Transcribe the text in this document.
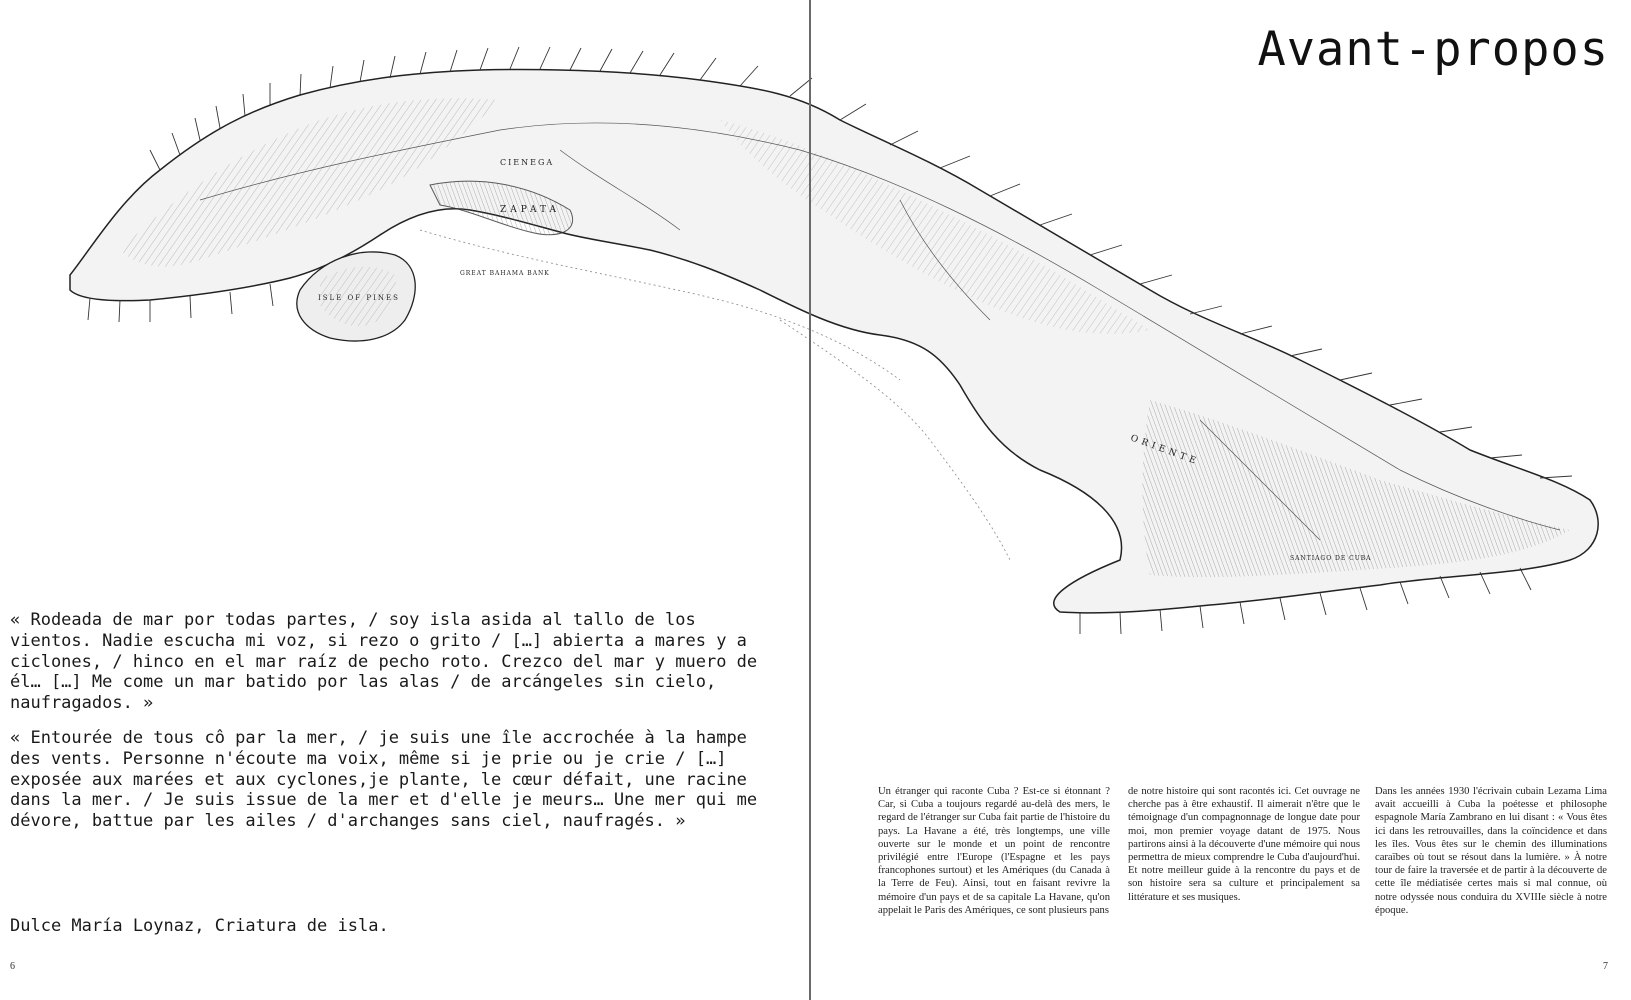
CIENEGA
ZAPATA
GREAT BAHAMA BANK
ISLE OF PINES
ORIENTE
SANTIAGO DE CUBA

« Rodeada de mar por todas partes, / soy isla asida al tallo de los vientos. Nadie escucha mi voz, si rezo o grito / […] abierta a mares y a ciclones, / hinco en el mar raíz de pecho roto. Crezco del mar y muero de él… […] Me come un mar batido por las alas / de arcángeles sin cielo, naufragados. »

« Entourée de tous cô par la mer, / je suis une île accrochée à la hampe des vents. Personne n'écoute ma voix, même si je prie ou je crie / […] exposée aux marées et aux cyclones,je plante, le cœur défait, une racine dans la mer. / Je suis issue de la mer et d'elle je meurs… Une mer qui me dévore, battue par les ailes / d'archanges sans ciel, naufragés. »

Dulce María Loynaz, Criatura de isla.

6
Avant-propos

Un étranger qui raconte Cuba ? Est-ce si étonnant ? Car, si Cuba a toujours regardé au-delà des mers, le regard de l'étranger sur Cuba fait partie de l'histoire du pays. La Havane a été, très longtemps, une ville ouverte sur le monde et un point de rencontre privilégié entre l'Europe (l'Espagne et les pays francophones surtout) et les Amériques (du Canada à la Terre de Feu). Ainsi, tout en faisant revivre la mémoire d'un pays et de sa capitale La Havane, qu'on appelait le Paris des Amériques, ce sont plusieurs pans

de notre histoire qui sont racontés ici. Cet ouvrage ne cherche pas à être exhaustif. Il aimerait n'être que le témoignage d'un compagnonnage de longue date pour moi, mon premier voyage datant de 1975. Nous partirons ainsi à la découverte d'une mémoire qui nous permettra de mieux comprendre le Cuba d'aujourd'hui. Et notre meilleur guide à la rencontre du pays et de son histoire sera sa culture et principalement sa littérature et ses musiques.

Dans les années 1930 l'écrivain cubain Lezama Lima avait accueilli à Cuba la poétesse et philosophe espagnole María Zambrano en lui disant : « Vous êtes ici dans les retrouvailles, dans la coïncidence et dans les îles. Vous êtes sur le chemin des illuminations caraïbes où tout se résout dans la lumière. » À notre tour de faire la traversée et de partir à la découverte de cette île médiatisée certes mais si mal connue, où notre odyssée nous conduira du XVIIIe siècle à notre époque.

7
